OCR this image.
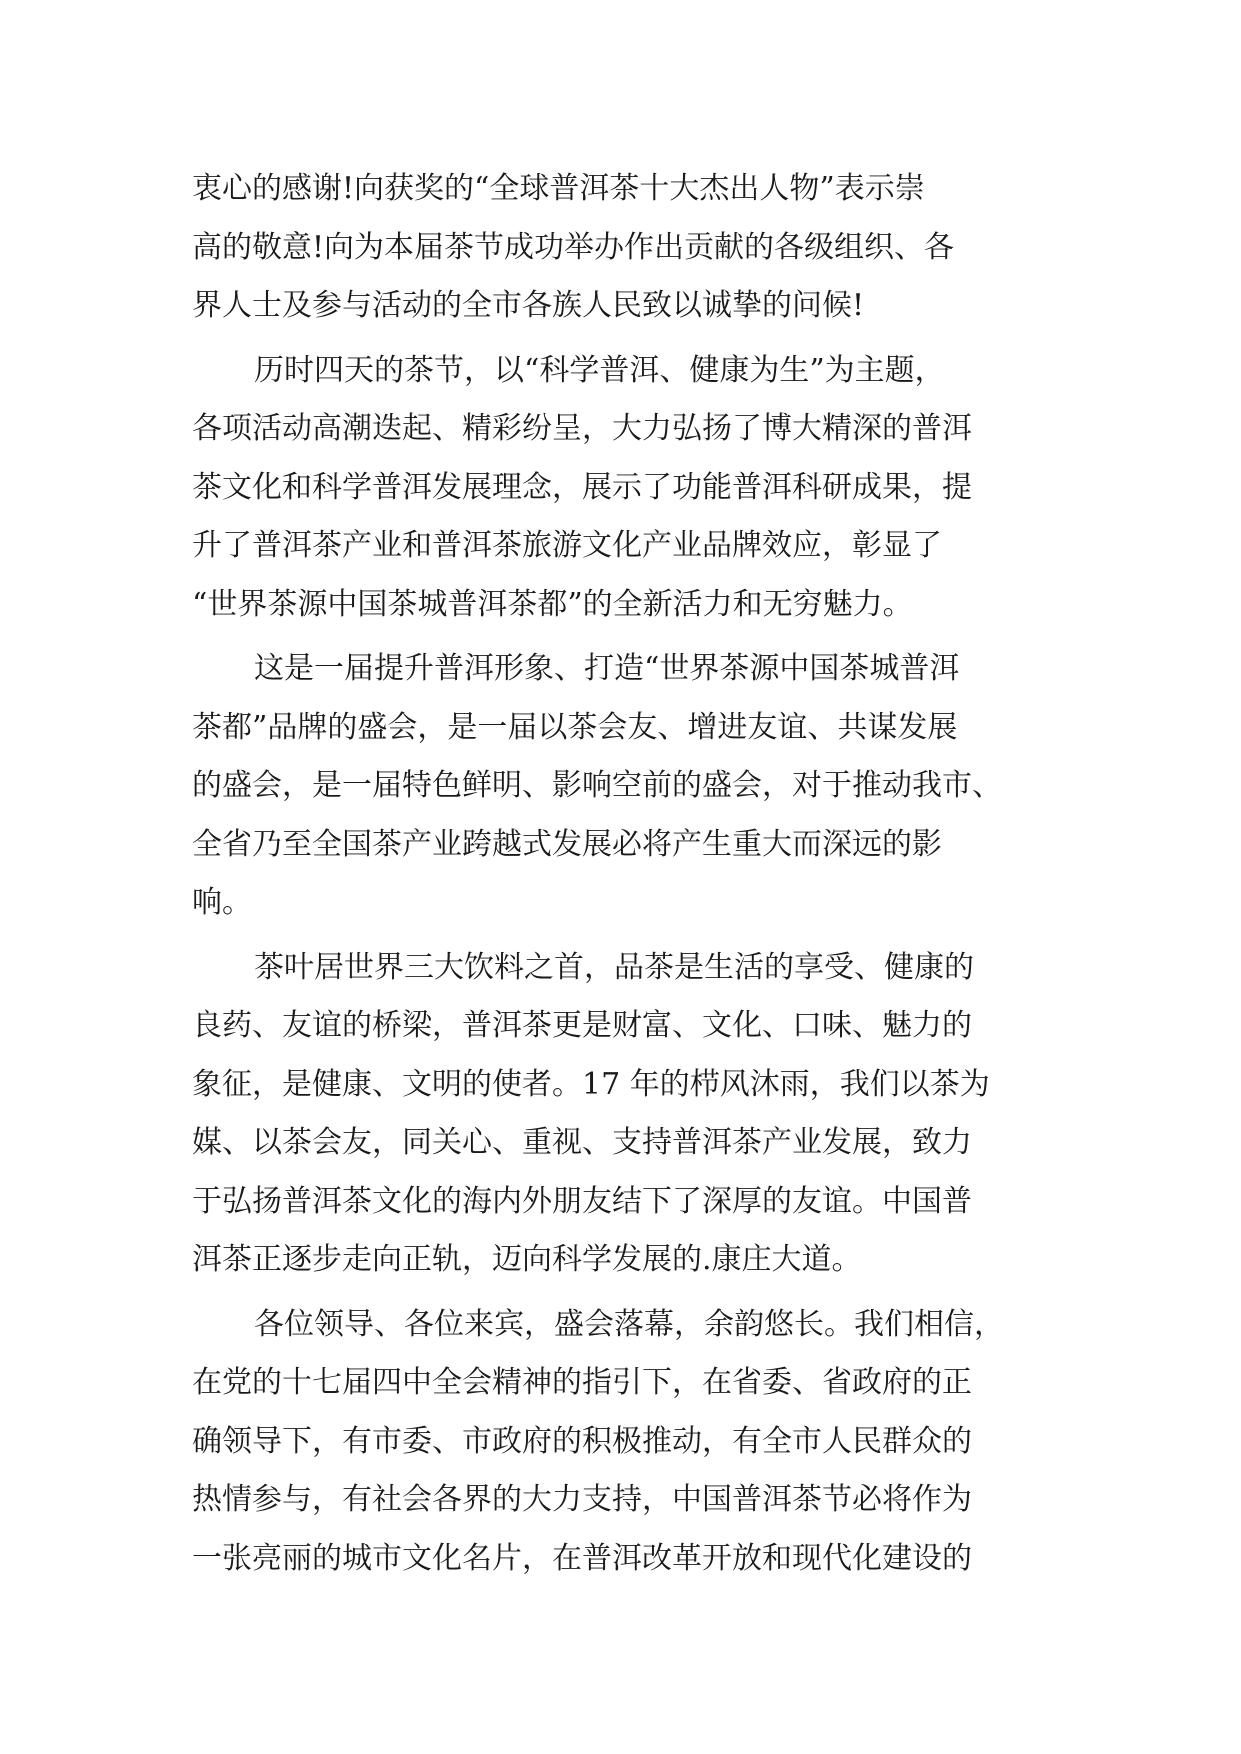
衷心的感谢!向获奖的“全球普洱茶十大杰出人物”表示崇
高的敬意!向为本届茶节成功举办作出贡献的各级组织、各
界人士及参与活动的全市各族人民致以诚挚的问候!
历时四天的茶节，以“科学普洱、健康为生”为主题，
各项活动高潮迭起、精彩纷呈，大力弘扬了博大精深的普洱
茶文化和科学普洱发展理念，展示了功能普洱科研成果，提
升了普洱茶产业和普洱茶旅游文化产业品牌效应，彰显了
“世界茶源中国茶城普洱茶都”的全新活力和无穷魅力。
这是一届提升普洱形象、打造“世界茶源中国茶城普洱
茶都”品牌的盛会，是一届以茶会友、增进友谊、共谋发展
的盛会，是一届特色鲜明、影响空前的盛会，对于推动我市、
全省乃至全国茶产业跨越式发展必将产生重大而深远的影
响。
茶叶居世界三大饮料之首，品茶是生活的享受、健康的
良药、友谊的桥梁，普洱茶更是财富、文化、口味、魅力的
象征，是健康、文明的使者。17 年的栉风沐雨，我们以茶为
媒、以茶会友，同关心、重视、支持普洱茶产业发展，致力
于弘扬普洱茶文化的海内外朋友结下了深厚的友谊。中国普
洱茶正逐步走向正轨，迈向科学发展的.康庄大道。
各位领导、各位来宾，盛会落幕，余韵悠长。我们相信，
在党的十七届四中全会精神的指引下，在省委、省政府的正
确领导下，有市委、市政府的积极推动，有全市人民群众的
热情参与，有社会各界的大力支持，中国普洱茶节必将作为
一张亮丽的城市文化名片，在普洱改革开放和现代化建设的
